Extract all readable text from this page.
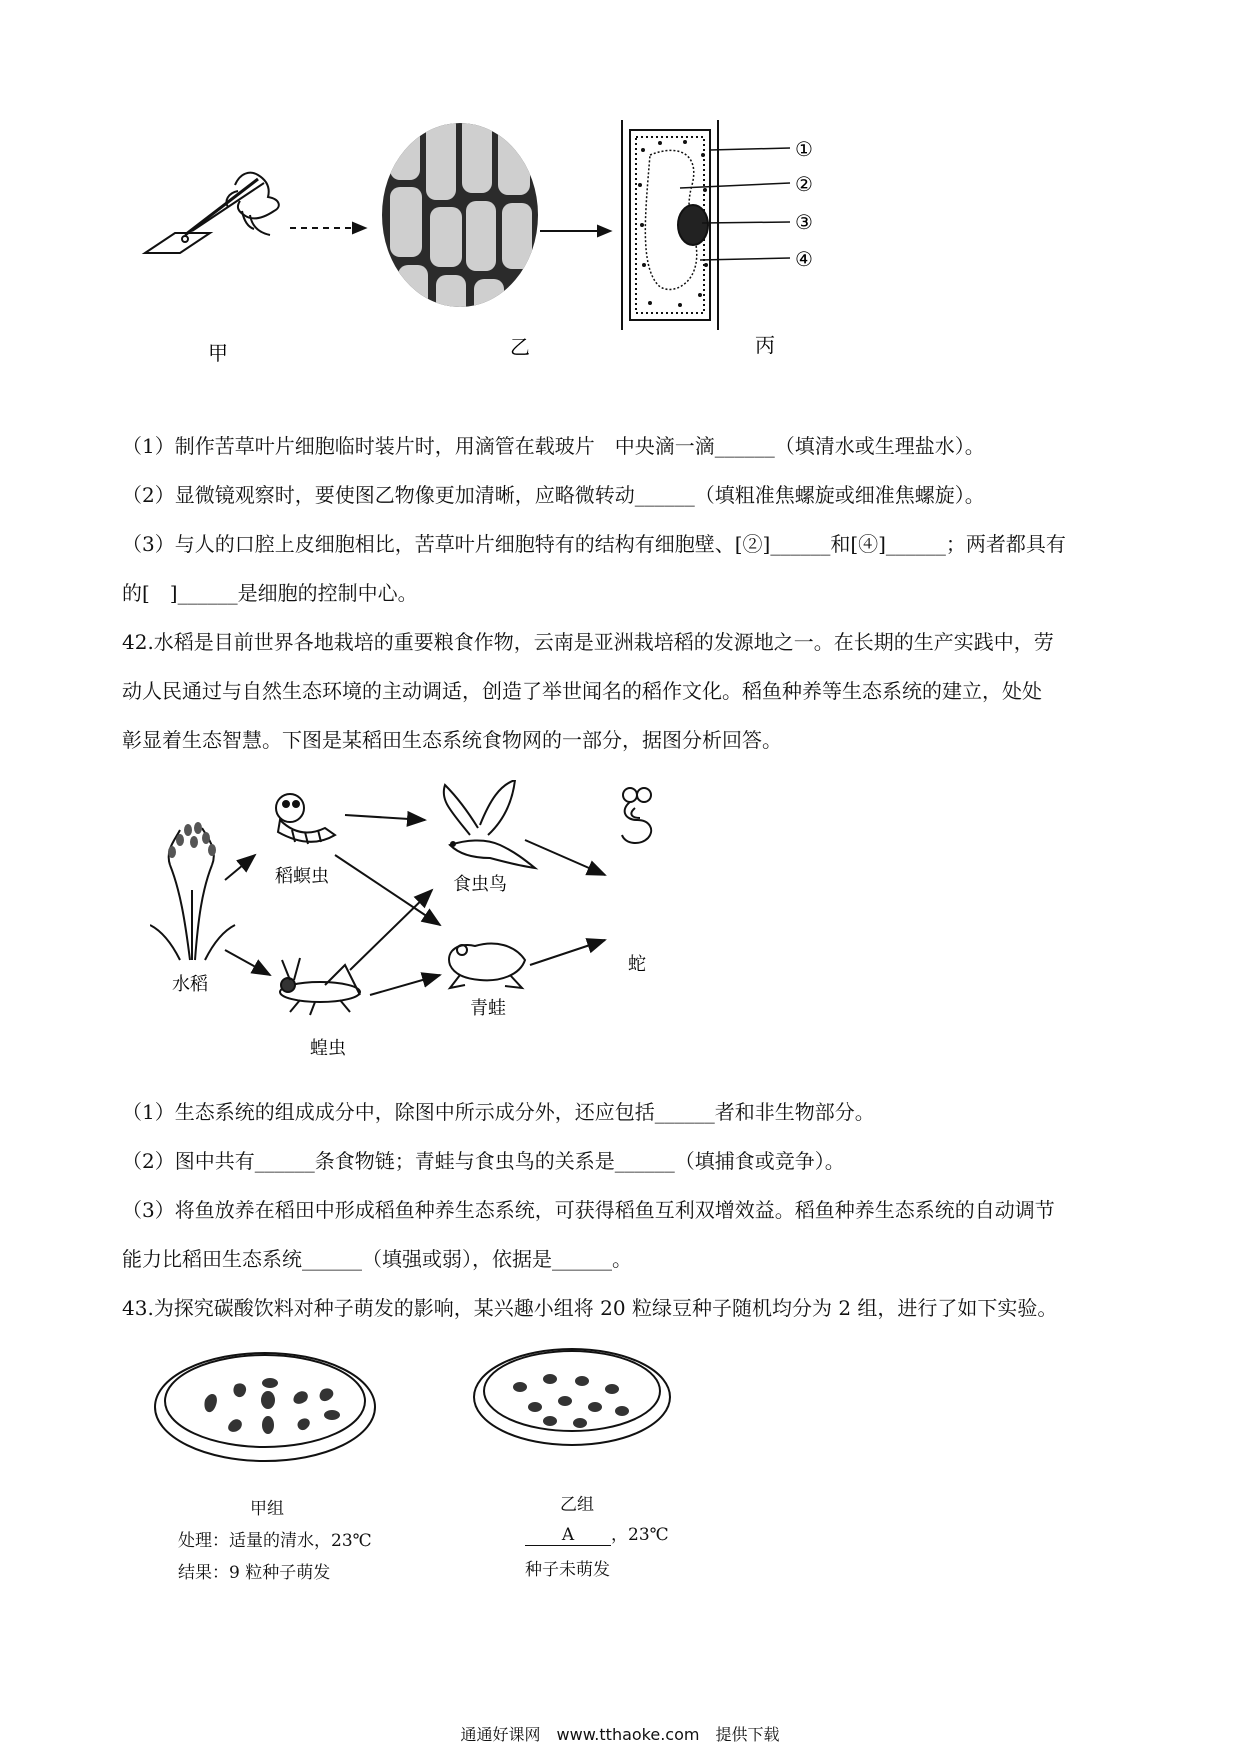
①
②
③
④
甲	乙	丙
（1）制作苦草叶片细胞临时装片时，用滴管在载玻片　中央滴一滴______（填清水或生理盐水）。
（2）显微镜观察时，要使图乙物像更加清晰，应略微转动______（填粗准焦螺旋或细准焦螺旋）。
（3）与人的口腔上皮细胞相比，苦草叶片细胞特有的结构有细胞壁、[②]______和[④]______；两者都具有
的[　]______是细胞的控制中心。
42.水稻是目前世界各地栽培的重要粮食作物，云南是亚洲栽培稻的发源地之一。在长期的生产实践中，劳
动人民通过与自然生态环境的主动调适，创造了举世闻名的稻作文化。稻鱼种养等生态系统的建立，处处
彰显着生态智慧。下图是某稻田生态系统食物网的一部分，据图分析回答。
稻螟虫	食虫鸟
水稻
蛇
青蛙
蝗虫
（1）生态系统的组成成分中，除图中所示成分外，还应包括______者和非生物部分。
（2）图中共有______条食物链；青蛙与食虫鸟的关系是______（填捕食或竞争）。
（3）将鱼放养在稻田中形成稻鱼种养生态系统，可获得稻鱼互利双增效益。稻鱼种养生态系统的自动调节
能力比稻田生态系统______（填强或弱），依据是______。
43.为探究碳酸饮料对种子萌发的影响，某兴趣小组将 20 粒绿豆种子随机均分为 2 组，进行了如下实验。
甲组
处理：适量的清水，23℃
结果：9 粒种子萌发
乙组
A ，23℃
种子未萌发
通通好课网　www.tthaoke.com　提供下载
